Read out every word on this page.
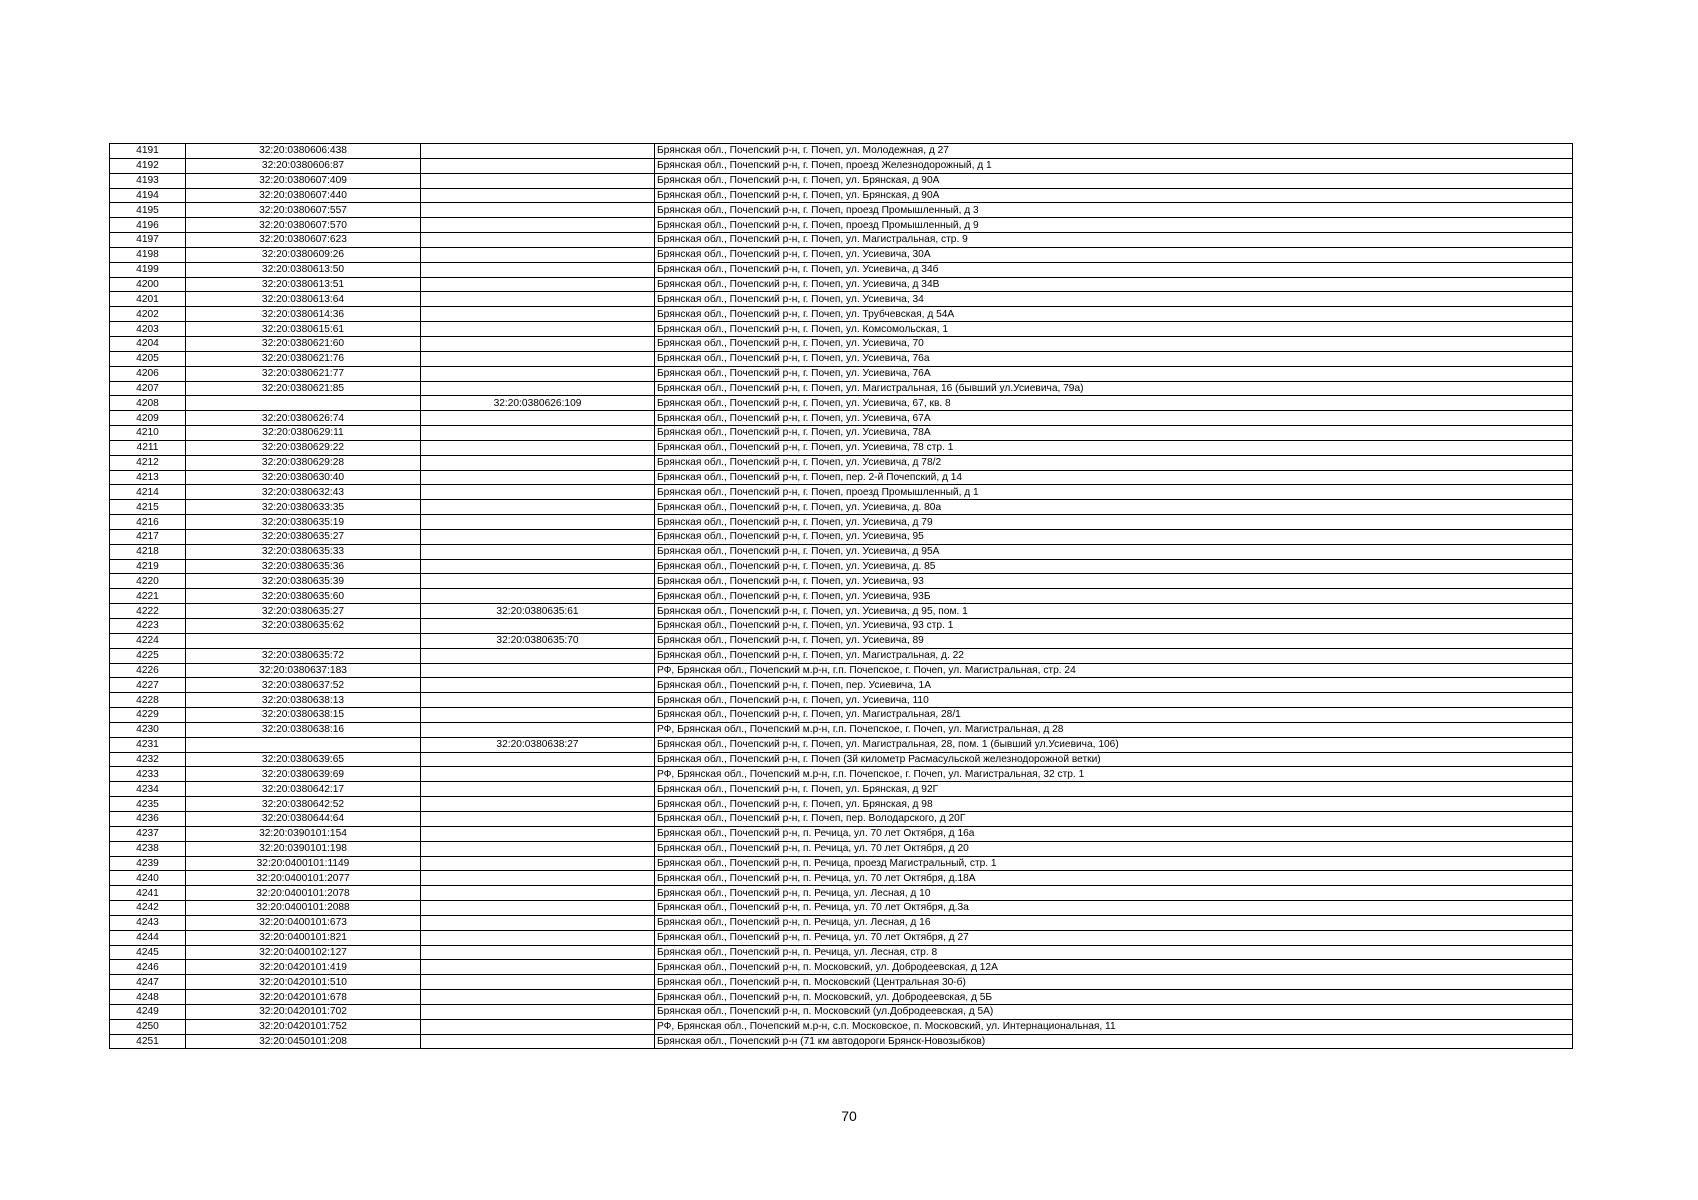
4191	32:20:0380606:438		Брянская обл., Почепский р-н, г. Почеп, ул. Молодежная, д 27
4192	32:20:0380606:87		Брянская обл., Почепский р-н, г. Почеп, проезд Железнодорожный, д 1
4193	32:20:0380607:409		Брянская обл., Почепский р-н, г. Почеп, ул. Брянская, д 90А
4194	32:20:0380607:440		Брянская обл., Почепский р-н, г. Почеп, ул. Брянская, д 90А
4195	32:20:0380607:557		Брянская обл., Почепский р-н, г. Почеп, проезд Промышленный, д 3
4196	32:20:0380607:570		Брянская обл., Почепский р-н, г. Почеп, проезд Промышленный, д 9
4197	32:20:0380607:623		Брянская обл., Почепский р-н, г. Почеп, ул. Магистральная, стр. 9
4198	32:20:0380609:26		Брянская обл., Почепский р-н, г. Почеп, ул. Усиевича, 30А
4199	32:20:0380613:50		Брянская обл., Почепский р-н, г. Почеп, ул. Усиевича, д 34б
4200	32:20:0380613:51		Брянская обл., Почепский р-н, г. Почеп, ул. Усиевича, д 34В
4201	32:20:0380613:64		Брянская обл., Почепский р-н, г. Почеп, ул. Усиевича, 34
4202	32:20:0380614:36		Брянская обл., Почепский р-н, г. Почеп, ул. Трубчевская, д 54А
4203	32:20:0380615:61		Брянская обл., Почепский р-н, г. Почеп, ул. Комсомольская, 1
4204	32:20:0380621:60		Брянская обл., Почепский р-н, г. Почеп, ул. Усиевича, 70
4205	32:20:0380621:76		Брянская обл., Почепский р-н, г. Почеп, ул. Усиевича, 76а
4206	32:20:0380621:77		Брянская обл., Почепский р-н, г. Почеп, ул. Усиевича, 76А
4207	32:20:0380621:85		Брянская обл., Почепский р-н, г. Почеп, ул. Магистральная, 16 (бывший ул.Усиевича, 79а)
4208		32:20:0380626:109	Брянская обл., Почепский р-н, г. Почеп, ул. Усиевича, 67, кв. 8
4209	32:20:0380626:74		Брянская обл., Почепский р-н, г. Почеп, ул. Усиевича, 67А
4210	32:20:0380629:11		Брянская обл., Почепский р-н, г. Почеп, ул. Усиевича, 78А
4211	32:20:0380629:22		Брянская обл., Почепский р-н, г. Почеп, ул. Усиевича, 78 стр. 1
4212	32:20:0380629:28		Брянская обл., Почепский р-н, г. Почеп, ул. Усиевича, д 78/2
4213	32:20:0380630:40		Брянская обл., Почепский р-н, г. Почеп, пер. 2-й Почепский, д 14
4214	32:20:0380632:43		Брянская обл., Почепский р-н, г. Почеп, проезд Промышленный, д 1
4215	32:20:0380633:35		Брянская обл., Почепский р-н, г. Почеп, ул. Усиевича, д. 80а
4216	32:20:0380635:19		Брянская обл., Почепский р-н, г. Почеп, ул. Усиевича, д 79
4217	32:20:0380635:27		Брянская обл., Почепский р-н, г. Почеп, ул. Усиевича, 95
4218	32:20:0380635:33		Брянская обл., Почепский р-н, г. Почеп, ул. Усиевича, д 95А
4219	32:20:0380635:36		Брянская обл., Почепский р-н, г. Почеп, ул. Усиевича, д. 85
4220	32:20:0380635:39		Брянская обл., Почепский р-н, г. Почеп, ул. Усиевича, 93
4221	32:20:0380635:60		Брянская обл., Почепский р-н, г. Почеп, ул. Усиевича, 93Б
4222	32:20:0380635:27	32:20:0380635:61	Брянская обл., Почепский р-н, г. Почеп, ул. Усиевича, д 95, пом. 1
4223	32:20:0380635:62		Брянская обл., Почепский р-н, г. Почеп, ул. Усиевича, 93 стр. 1
4224		32:20:0380635:70	Брянская обл., Почепский р-н, г. Почеп, ул. Усиевича, 89
4225	32:20:0380635:72		Брянская обл., Почепский р-н, г. Почеп, ул. Магистральная, д. 22
4226	32:20:0380637:183		РФ, Брянская обл., Почепский м.р-н, г.п. Почепское, г. Почеп, ул. Магистральная, стр. 24
4227	32:20:0380637:52		Брянская обл., Почепский р-н, г. Почеп, пер. Усиевича, 1А
4228	32:20:0380638:13		Брянская обл., Почепский р-н, г. Почеп, ул. Усиевича, 110
4229	32:20:0380638:15		Брянская обл., Почепский р-н, г. Почеп, ул. Магистральная, 28/1
4230	32:20:0380638:16		РФ, Брянская обл., Почепский м.р-н, г.п. Почепское, г. Почеп, ул. Магистральная, д 28
4231		32:20:0380638:27	Брянская обл., Почепский р-н, г. Почеп, ул. Магистральная, 28, пом. 1 (бывший ул.Усиевича, 106)
4232	32:20:0380639:65		Брянская обл., Почепский р-н, г. Почеп (3й километр Расмасульской железнодорожной ветки)
4233	32:20:0380639:69		РФ, Брянская обл., Почепский м.р-н, г.п. Почепское, г. Почеп, ул. Магистральная, 32 стр. 1
4234	32:20:0380642:17		Брянская обл., Почепский р-н, г. Почеп, ул. Брянская, д 92Г
4235	32:20:0380642:52		Брянская обл., Почепский р-н, г. Почеп, ул. Брянская, д 98
4236	32:20:0380644:64		Брянская обл., Почепский р-н, г. Почеп, пер. Володарского, д 20Г
4237	32:20:0390101:154		Брянская обл., Почепский р-н, п. Речица, ул. 70 лет Октября, д 16а
4238	32:20:0390101:198		Брянская обл., Почепский р-н, п. Речица, ул. 70 лет Октября, д 20
4239	32:20:0400101:1149		Брянская обл., Почепский р-н, п. Речица, проезд Магистральный, стр. 1
4240	32:20:0400101:2077		Брянская обл., Почепский р-н, п. Речица, ул. 70 лет Октября, д.18А
4241	32:20:0400101:2078		Брянская обл., Почепский р-н, п. Речица, ул. Лесная, д 10
4242	32:20:0400101:2088		Брянская обл., Почепский р-н, п. Речица, ул. 70 лет Октября, д.3а
4243	32:20:0400101:673		Брянская обл., Почепский р-н, п. Речица, ул. Лесная, д 16
4244	32:20:0400101:821		Брянская обл., Почепский р-н, п. Речица, ул. 70 лет Октября, д 27
4245	32:20:0400102:127		Брянская обл., Почепский р-н, п. Речица, ул. Лесная, стр. 8
4246	32:20:0420101:419		Брянская обл., Почепский р-н, п. Московский, ул. Добродеевская, д 12А
4247	32:20:0420101:510		Брянская обл., Почепский р-н, п. Московский (Центральная 30-б)
4248	32:20:0420101:678		Брянская обл., Почепский р-н, п. Московский, ул. Добродеевская, д 5Б
4249	32:20:0420101:702		Брянская обл., Почепский р-н, п. Московский (ул.Добродеевская, д 5А)
4250	32:20:0420101:752		РФ, Брянская обл., Почепский м.р-н, с.п. Московское, п. Московский, ул. Интернациональная, 11
4251	32:20:0450101:208		Брянская обл., Почепский р-н (71 км автодороги Брянск-Новозыбков)
70
